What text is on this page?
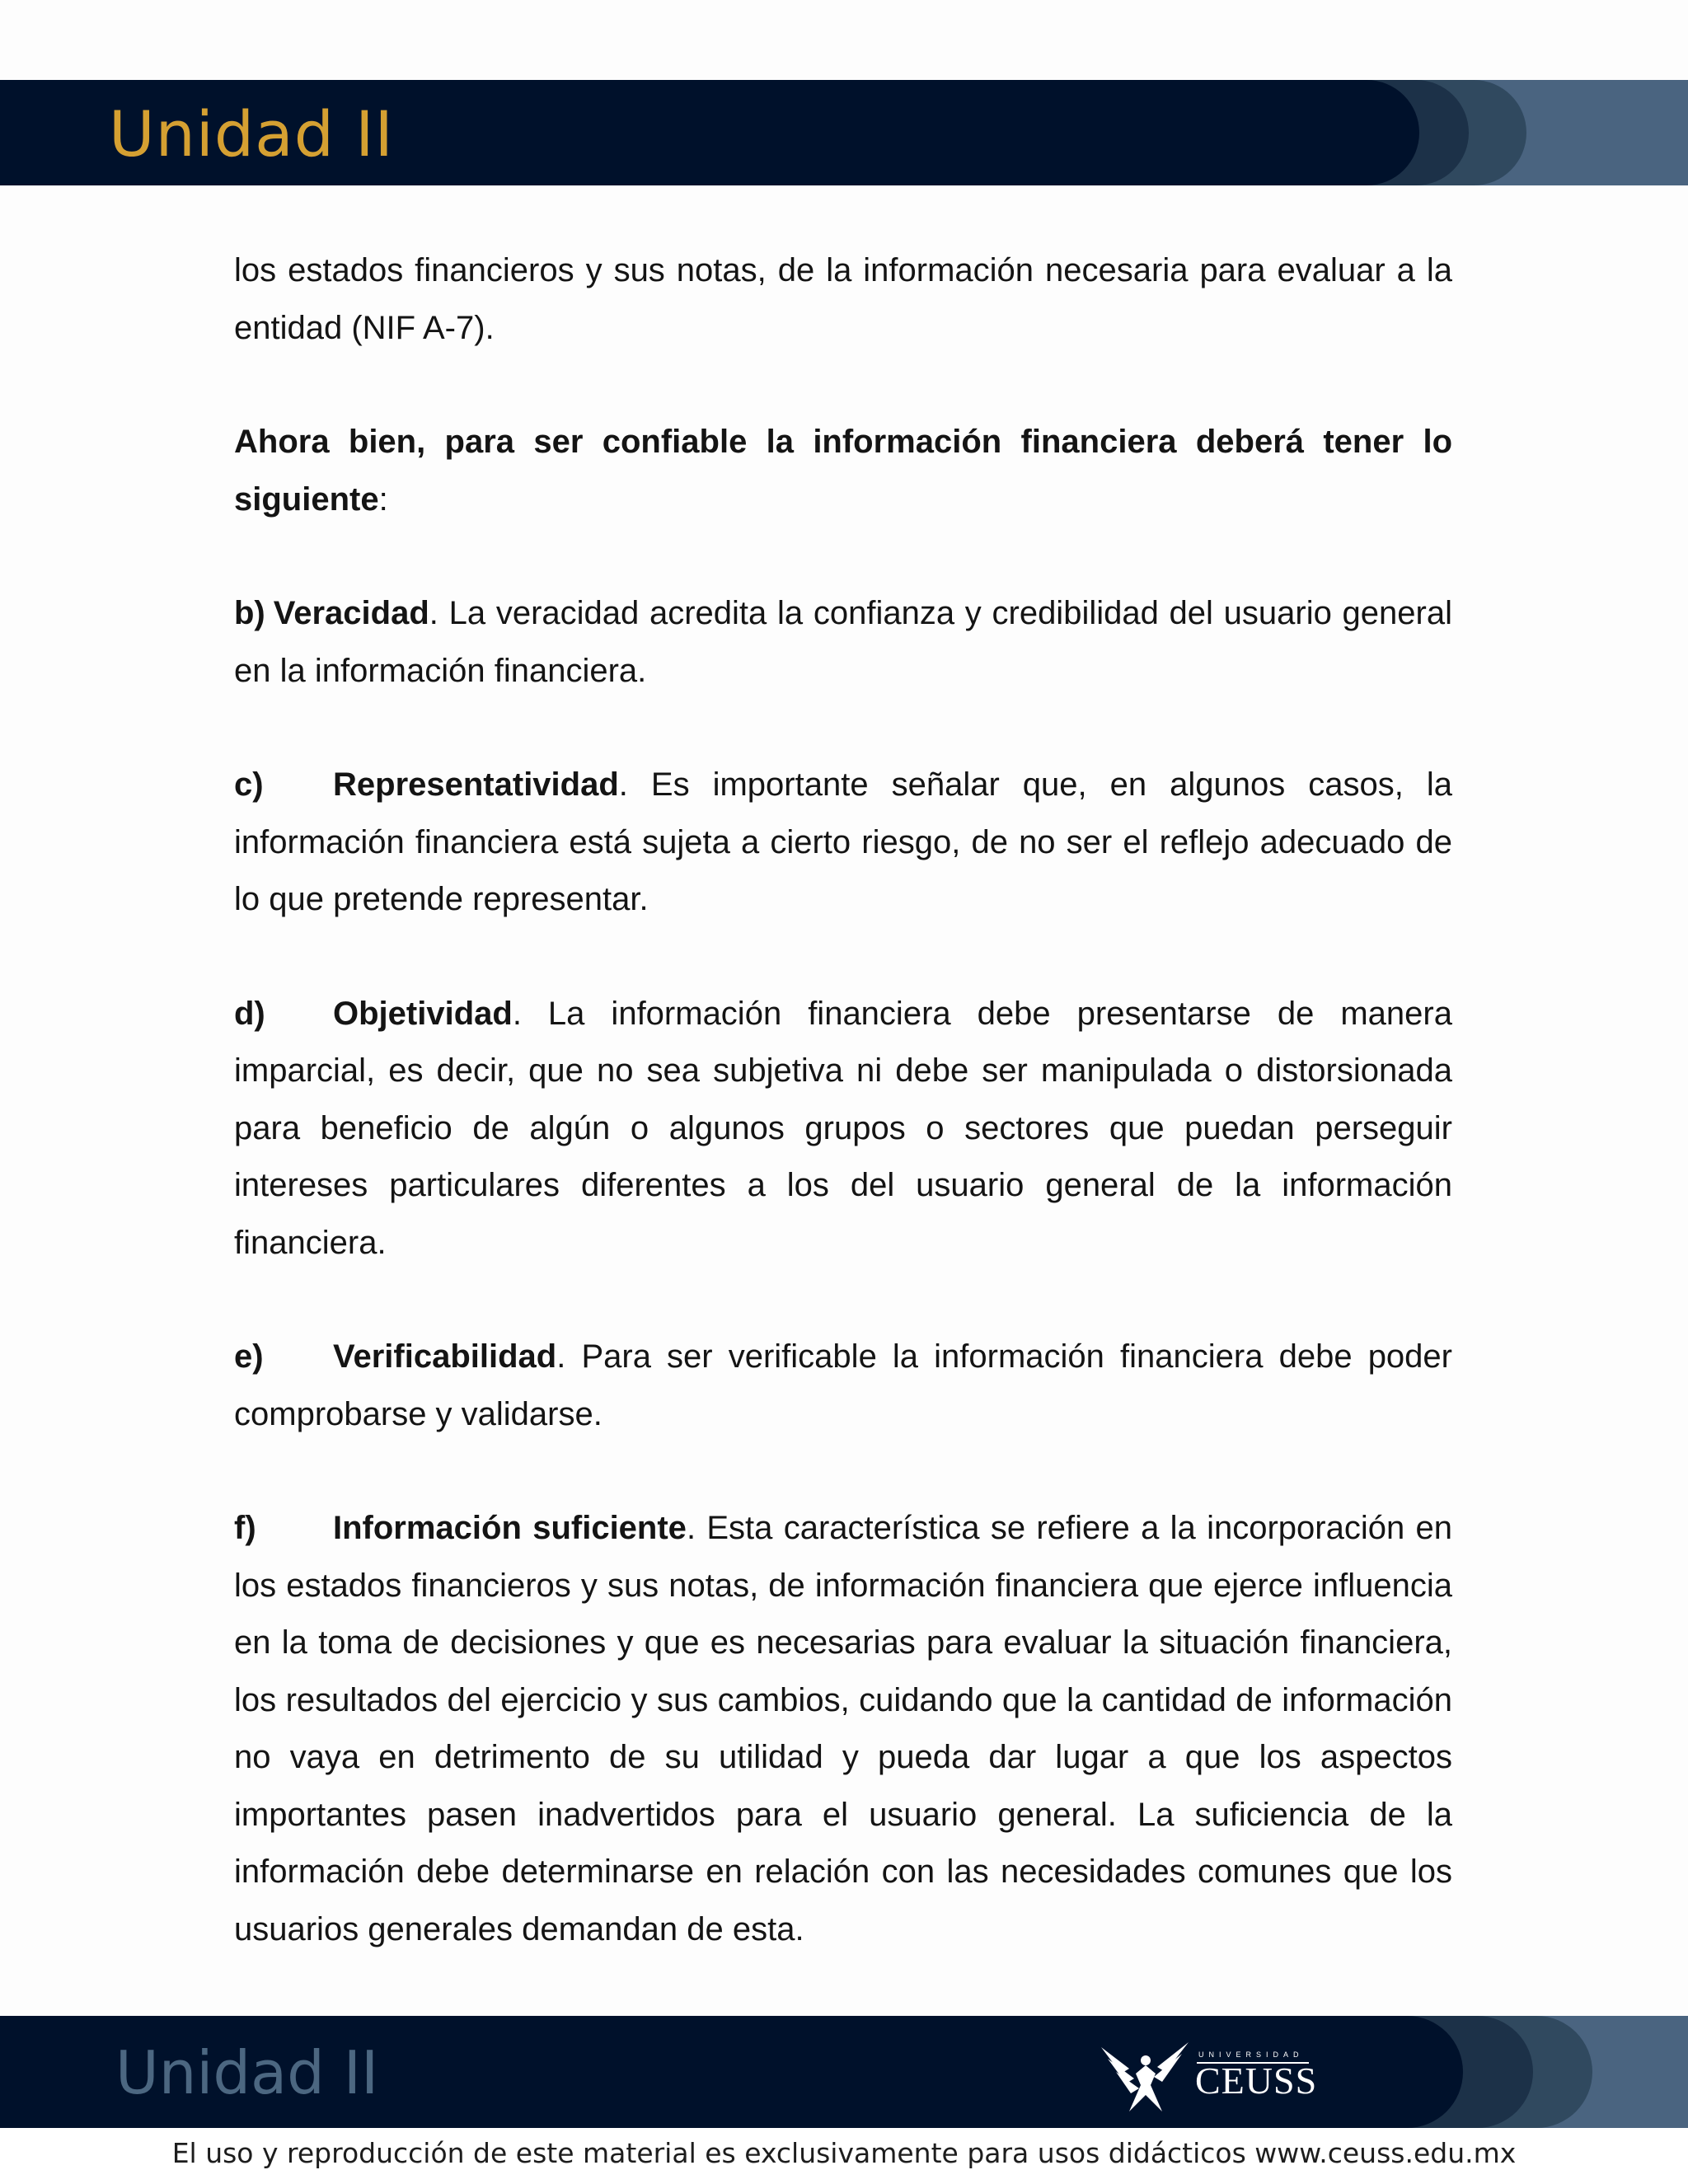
Unidad II

los estados financieros y sus notas, de la información necesaria para evaluar a la entidad (NIF A-7).

Ahora bien, para ser confiable la información financiera deberá tener lo siguiente:

b) Veracidad. La veracidad acredita la confianza y credibilidad del usuario general en la información financiera.

c) Representatividad. Es importante señalar que, en algunos casos, la información financiera está sujeta a cierto riesgo, de no ser el reflejo adecuado de lo que pretende representar.

d) Objetividad. La información financiera debe presentarse de manera imparcial, es decir, que no sea subjetiva ni debe ser manipulada o distorsionada para beneficio de algún o algunos grupos o sectores que puedan perseguir intereses particulares diferentes a los del usuario general de la información financiera.

e) Verificabilidad. Para ser verificable la información financiera debe poder comprobarse y validarse.

f) Información suficiente. Esta característica se refiere a la incorporación en los estados financieros y sus notas, de información financiera que ejerce influencia en la toma de decisiones y que es necesarias para evaluar la situación financiera, los resultados del ejercicio y sus cambios, cuidando que la cantidad de información no vaya en detrimento de su utilidad y pueda dar lugar a que los aspectos importantes pasen inadvertidos para el usuario general. La suficiencia de la información debe determinarse en relación con las necesidades comunes que los usuarios generales demandan de esta.

Unidad II	UNIVERSIDAD
CEUSS
El uso y reproducción de este material es exclusivamente para usos didácticos www.ceuss.edu.mx
